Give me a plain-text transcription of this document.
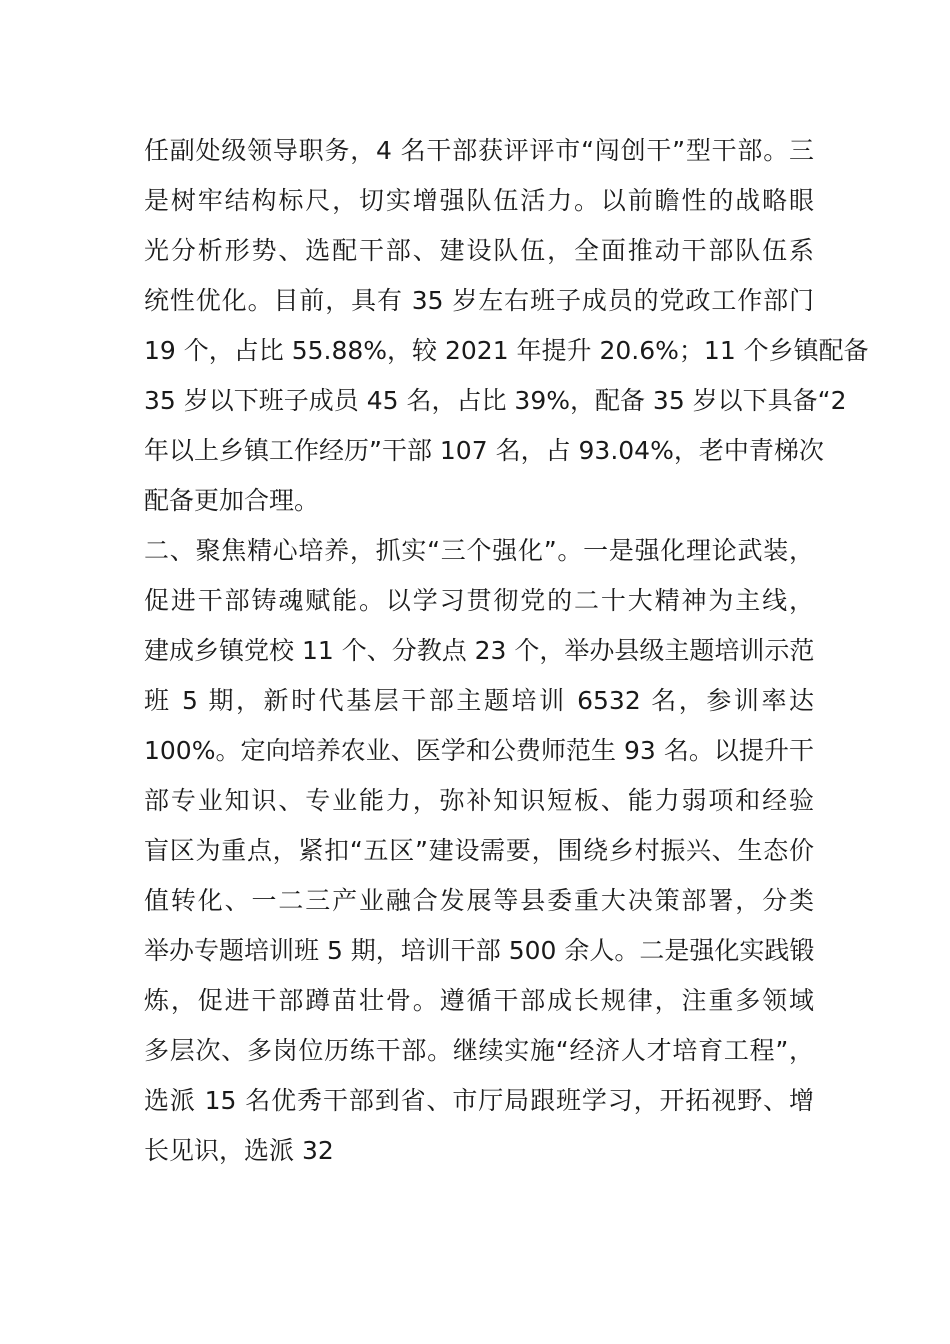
任副处级领导职务，4 名干部获评评市“闯创干”型干部。三
是树牢结构标尺，切实增强队伍活力。以前瞻性的战略眼
光分析形势、选配干部、建设队伍，全面推动干部队伍系
统性优化。目前，具有 35 岁左右班子成员的党政工作部门
19 个，占比 55.88%，较 2021 年提升 20.6%；11 个乡镇配备
35 岁以下班子成员 45 名，占比 39%，配备 35 岁以下具备“2
年以上乡镇工作经历”干部 107 名，占 93.04%，老中青梯次
配备更加合理。
二、聚焦精心培养，抓实“三个强化”。一是强化理论武装，
促进干部铸魂赋能。以学习贯彻党的二十大精神为主线，
建成乡镇党校 11 个、分教点 23 个，举办县级主题培训示范
班 5 期，新时代基层干部主题培训 6532 名，参训率达
100%。定向培养农业、医学和公费师范生 93 名。以提升干
部专业知识、专业能力，弥补知识短板、能力弱项和经验
盲区为重点，紧扣“五区”建设需要，围绕乡村振兴、生态价
值转化、一二三产业融合发展等县委重大决策部署，分类
举办专题培训班 5 期，培训干部 500 余人。二是强化实践锻
炼，促进干部蹲苗壮骨。遵循干部成长规律，注重多领域
多层次、多岗位历练干部。继续实施“经济人才培育工程”，
选派 15 名优秀干部到省、市厅局跟班学习，开拓视野、增
长见识，选派 32
